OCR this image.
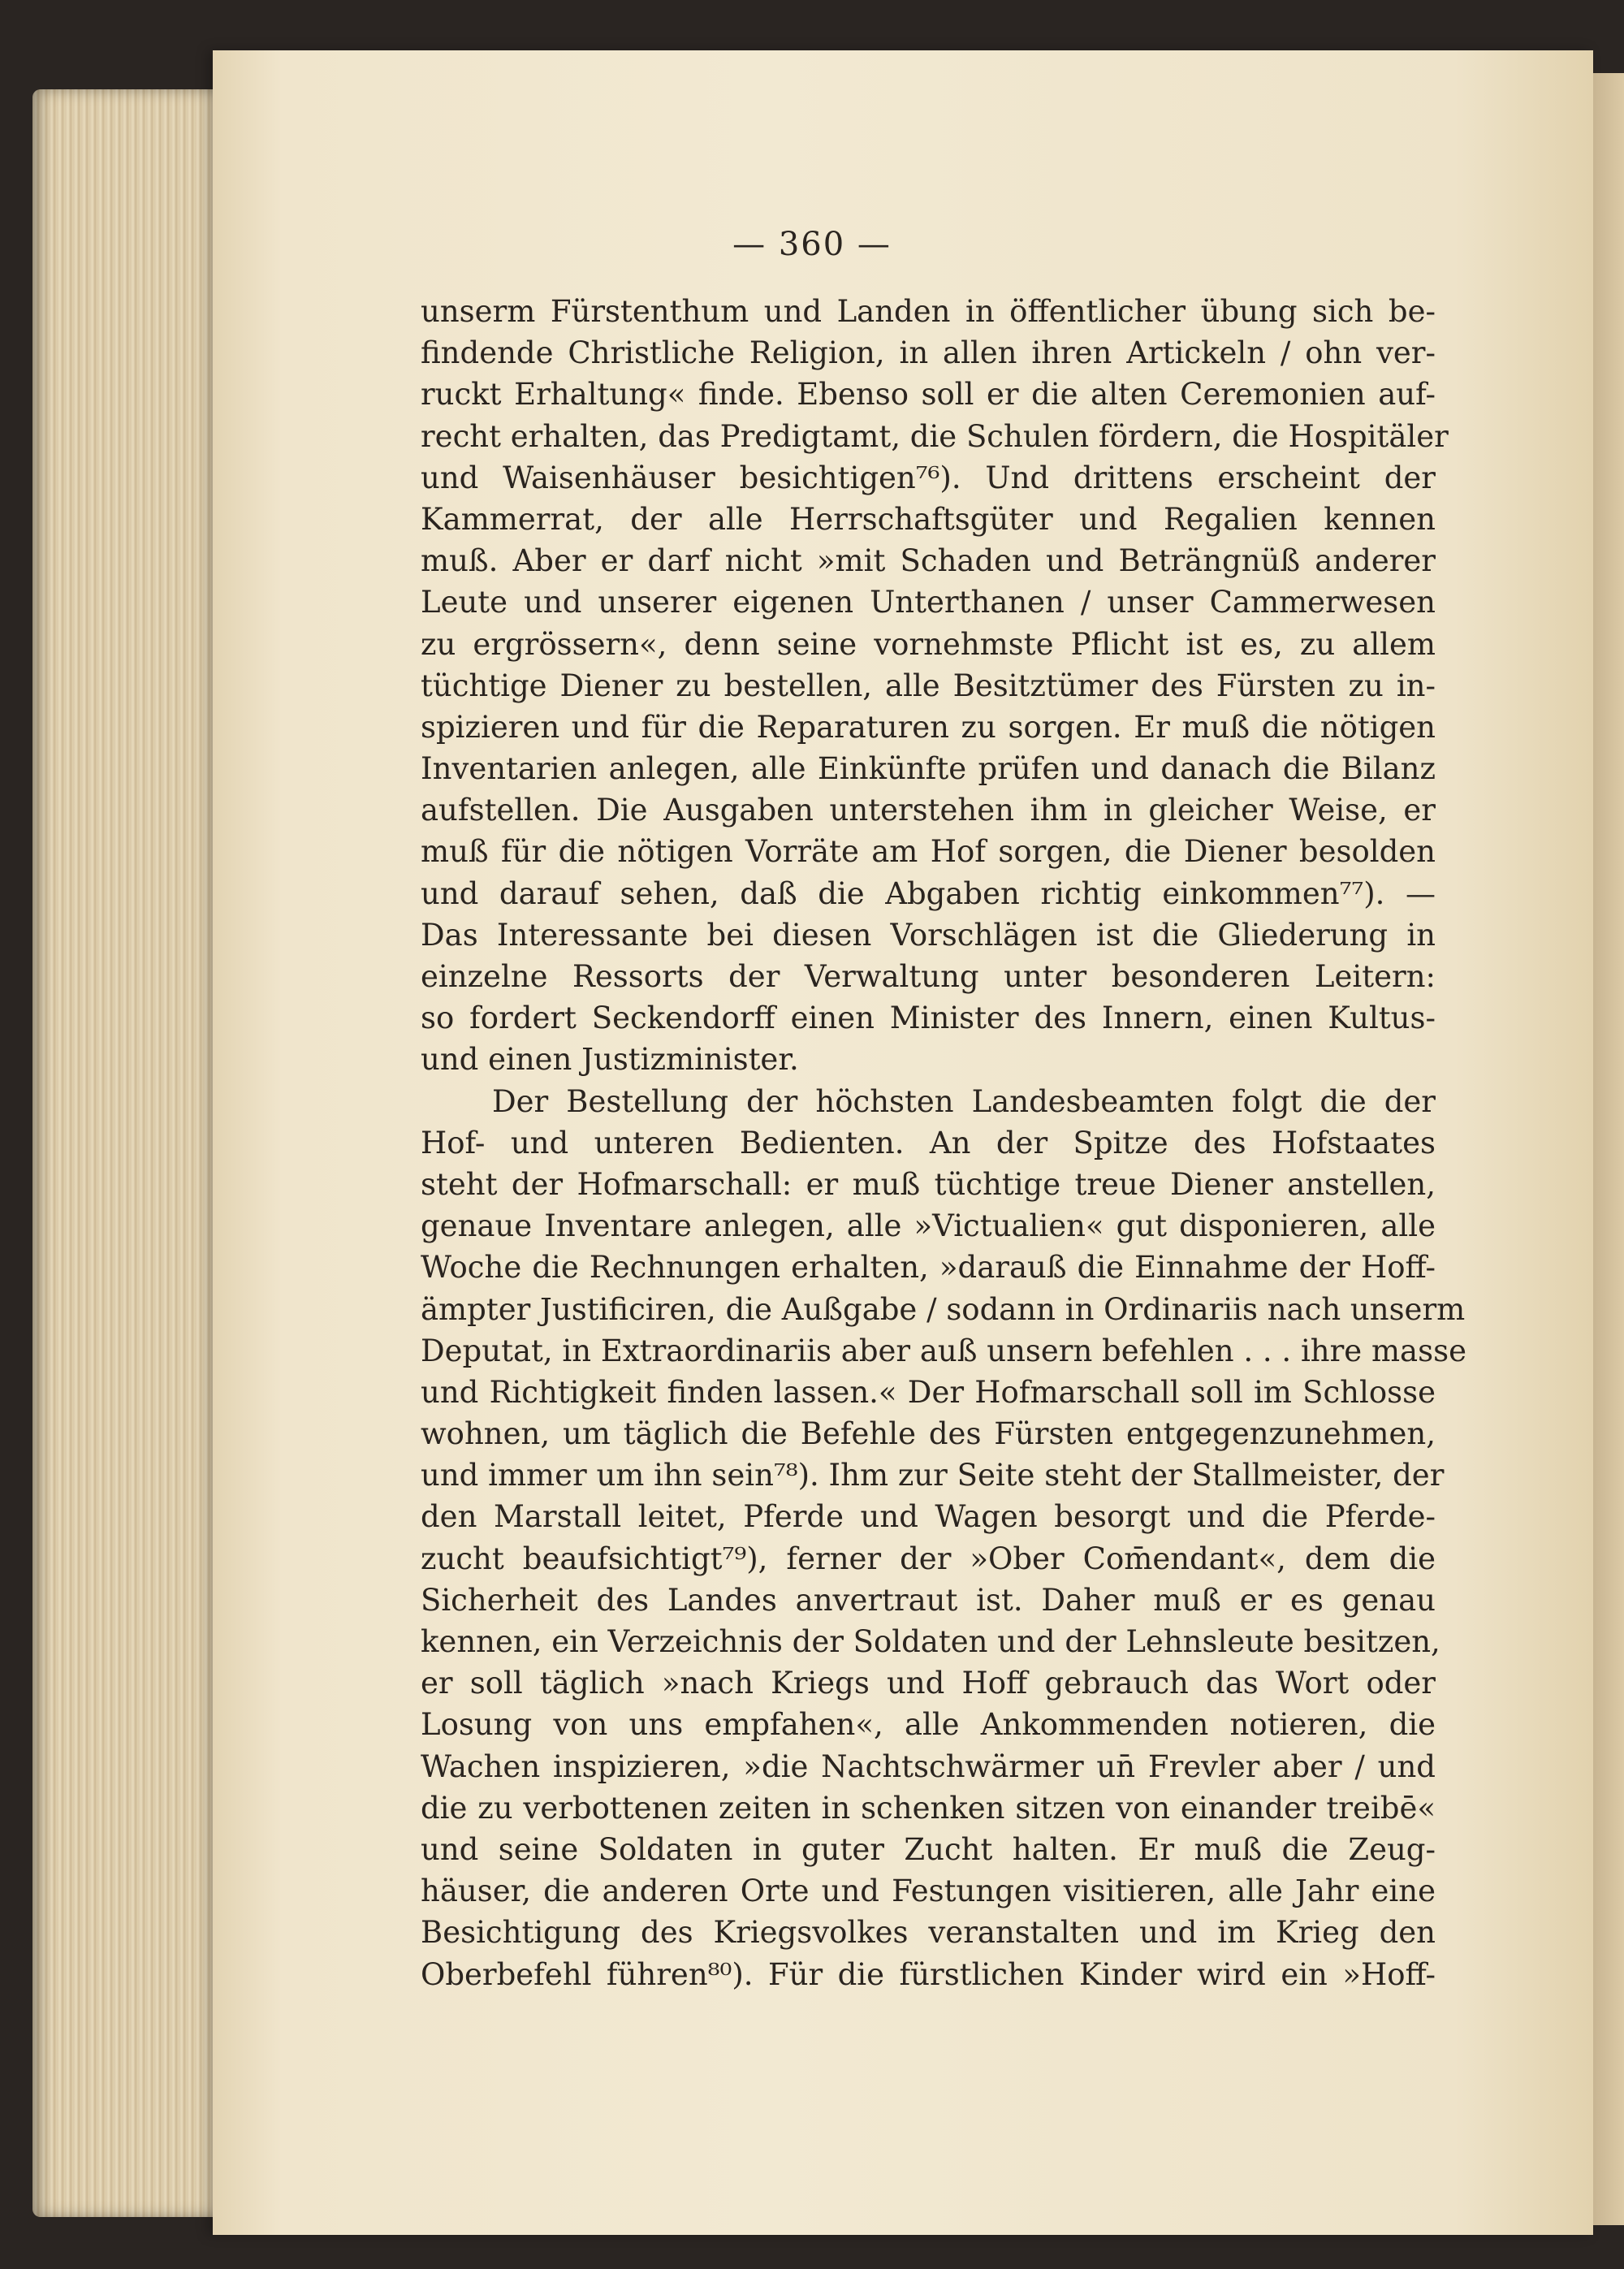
— 360 —
unserm Fürstenthum und Landen in öffentlicher übung sich be-
findende Christliche Religion, in allen ihren Artickeln / ohn ver-
ruckt Erhaltung« finde. Ebenso soll er die alten Ceremonien auf-
recht erhalten, das Predigtamt, die Schulen fördern, die Hospitäler
und Waisenhäuser besichtigen⁷⁶). Und drittens erscheint der
Kammerrat, der alle Herrschaftsgüter und Regalien kennen
muß. Aber er darf nicht »mit Schaden und Beträngnüß anderer
Leute und unserer eigenen Unterthanen / unser Cammerwesen
zu ergrössern«, denn seine vornehmste Pflicht ist es, zu allem
tüchtige Diener zu bestellen, alle Besitztümer des Fürsten zu in-
spizieren und für die Reparaturen zu sorgen. Er muß die nötigen
Inventarien anlegen, alle Einkünfte prüfen und danach die Bilanz
aufstellen. Die Ausgaben unterstehen ihm in gleicher Weise, er
muß für die nötigen Vorräte am Hof sorgen, die Diener besolden
und darauf sehen, daß die Abgaben richtig einkommen⁷⁷). —
Das Interessante bei diesen Vorschlägen ist die Gliederung in
einzelne Ressorts der Verwaltung unter besonderen Leitern:
so fordert Seckendorff einen Minister des Innern, einen Kultus-
und einen Justizminister.
Der Bestellung der höchsten Landesbeamten folgt die der
Hof- und unteren Bedienten. An der Spitze des Hofstaates
steht der Hofmarschall: er muß tüchtige treue Diener anstellen,
genaue Inventare anlegen, alle »Victualien« gut disponieren, alle
Woche die Rechnungen erhalten, »darauß die Einnahme der Hoff-
ämpter Justificiren, die Außgabe / sodann in Ordinariis nach unserm
Deputat, in Extraordinariis aber auß unsern befehlen . . . ihre masse
und Richtigkeit finden lassen.« Der Hofmarschall soll im Schlosse
wohnen, um täglich die Befehle des Fürsten entgegenzunehmen,
und immer um ihn sein⁷⁸). Ihm zur Seite steht der Stallmeister, der
den Marstall leitet, Pferde und Wagen besorgt und die Pferde-
zucht beaufsichtigt⁷⁹), ferner der »Ober Com̄endant«, dem die
Sicherheit des Landes anvertraut ist. Daher muß er es genau
kennen, ein Verzeichnis der Soldaten und der Lehnsleute besitzen,
er soll täglich »nach Kriegs und Hoff gebrauch das Wort oder
Losung von uns empfahen«, alle Ankommenden notieren, die
Wachen inspizieren, »die Nachtschwärmer un̄ Frevler aber / und
die zu verbottenen zeiten in schenken sitzen von einander treibē«
und seine Soldaten in guter Zucht halten. Er muß die Zeug-
häuser, die anderen Orte und Festungen visitieren, alle Jahr eine
Besichtigung des Kriegsvolkes veranstalten und im Krieg den
Oberbefehl führen⁸⁰). Für die fürstlichen Kinder wird ein »Hoff-
